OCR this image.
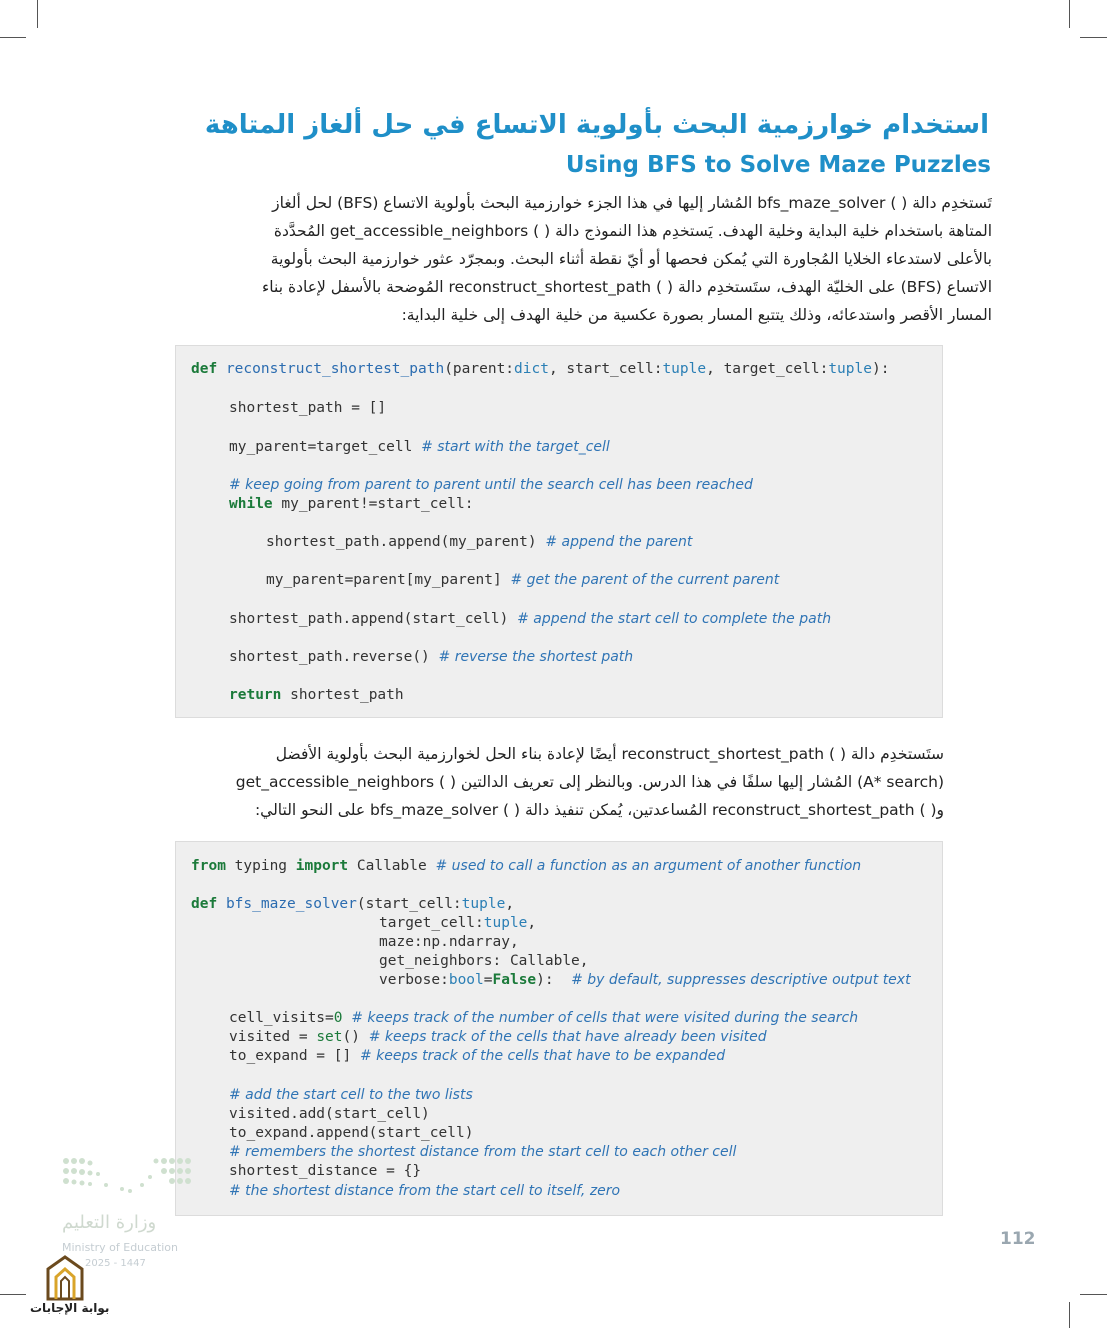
استخدام خوارزمية البحث بأولوية الاتساع في حل ألغاز المتاهة
Using BFS to Solve Maze Puzzles

تَستخدِم دالة ( ) bfs_maze_solver المُشار إليها في هذا الجزء خوارزمية البحث بأولوية الاتساع (BFS) لحل ألغاز

المتاهة باستخدام خلية البداية وخلية الهدف. يَستخدِم هذا النموذج دالة ( ) get_accessible_neighbors المُحدَّدة

بالأعلى لاستدعاء الخلايا المُجاورة التي يُمكن فحصها أو أيّ نقطة أثناء البحث. وبمجرّد عثور خوارزمية البحث بأولوية

الاتساع (BFS) على الخليّة الهدف، ستَستخدِم دالة ( ) reconstruct_shortest_path المُوضحة بالأسفل لإعادة بناء

المسار الأقصر واستدعائه، وذلك يتتبع المسار بصورة عكسية من خلية الهدف إلى خلية البداية:

def reconstruct_shortest_path(parent:dict, start_cell:tuple, target_cell:tuple):
shortest_path = []
my_parent=target_cell # start with the target_cell
# keep going from parent to parent until the search cell has been reached
while my_parent!=start_cell:
shortest_path.append(my_parent) # append the parent
my_parent=parent[my_parent] # get the parent of the current parent
shortest_path.append(start_cell) # append the start cell to complete the path
shortest_path.reverse() # reverse the shortest path
return shortest_path

ستَستخدِم دالة ( ) reconstruct_shortest_path أيضًا لإعادة بناء الحل لخوارزمية البحث بأولوية الأفضل

(A* search) المُشار إليها سلفًا في هذا الدرس. وبالنظر إلى تعريف الدالتين ( ) get_accessible_neighbors

و( ) reconstruct_shortest_path المُساعدتين، يُمكن تنفيذ دالة ( ) bfs_maze_solver على النحو التالي:

from typing import Callable # used to call a function as an argument of another function
def bfs_maze_solver(start_cell:tuple,
target_cell:tuple,
maze:np.ndarray,
get_neighbors: Callable,
verbose:bool=False): # by default, suppresses descriptive output text
cell_visits=0 # keeps track of the number of cells that were visited during the search
visited = set() # keeps track of the cells that have already been visited
to_expand = [] # keeps track of the cells that have to be expanded
# add the start cell to the two lists
visited.add(start_cell)
to_expand.append(start_cell)
# remembers the shortest distance from the start cell to each other cell
shortest_distance = {}
# the shortest distance from the start cell to itself, zero
وزارة التعليم
Ministry of Education
2025 - 1447
بوابة الإجابات
112
